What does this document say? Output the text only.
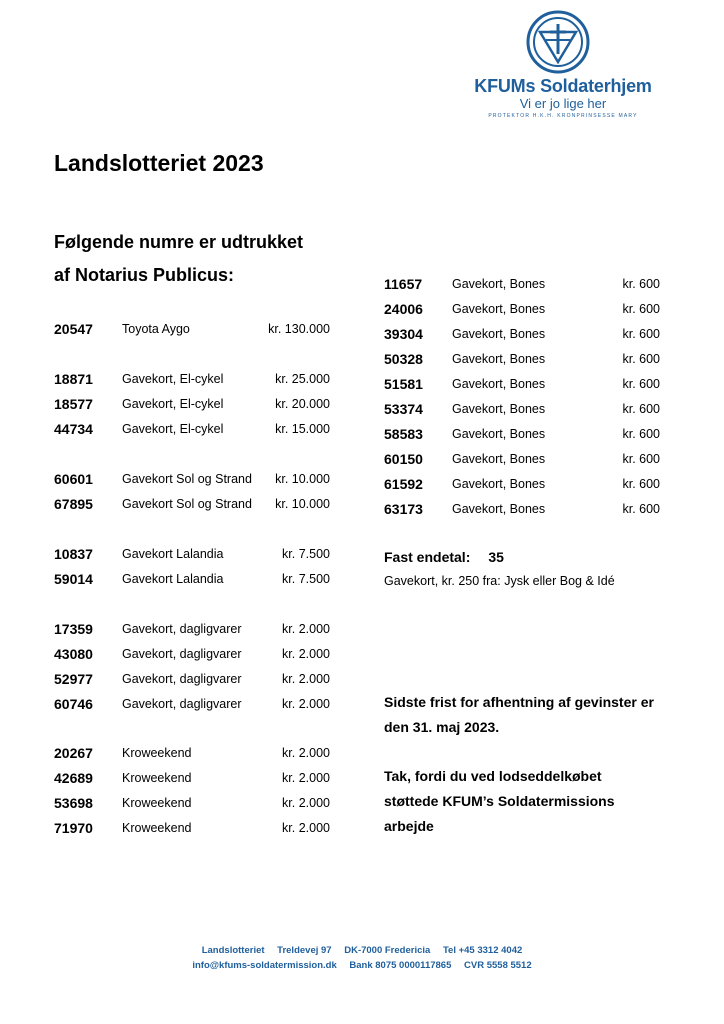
KFUMs Soldaterhjem
Vi er jo lige her
PROTEKTOR H.K.H. KRONPRINSESSE MARY
Landslotteriet 2023
Følgende numre er udtrukket
af Notarius Publicus:
20547 Toyota Aygo	kr. 130.000
18871 Gavekort, El-cykel	kr. 25.000
18577 Gavekort, El-cykel	kr. 20.000
44734 Gavekort, El-cykel	kr. 15.000
60601 Gavekort Sol og Strand kr. 10.000
67895 Gavekort Sol og Strand kr. 10.000
10837 Gavekort Lalandia	kr. 7.500
59014 Gavekort Lalandia	kr. 7.500
17359 Gavekort, dagligvarer	kr. 2.000
43080 Gavekort, dagligvarer	kr. 2.000
52977 Gavekort, dagligvarer	kr. 2.000
60746 Gavekort, dagligvarer	kr. 2.000
20267 Kroweekend	kr. 2.000
42689 Kroweekend	kr. 2.000
53698 Kroweekend	kr. 2.000
71970 Kroweekend	kr. 2.000
11657 Gavekort, Bones	kr. 600
24006 Gavekort, Bones	kr. 600
39304 Gavekort, Bones	kr. 600
50328 Gavekort, Bones	kr. 600
51581 Gavekort, Bones	kr. 600
53374 Gavekort, Bones	kr. 600
58583 Gavekort, Bones	kr. 600
60150 Gavekort, Bones	kr. 600
61592 Gavekort, Bones	kr. 600
63173 Gavekort, Bones	kr. 600
Fast endetal: 35
Gavekort, kr. 250 fra: Jysk eller Bog & Idé
Sidste frist for afhentning af gevinster er
den 31. maj 2023.
Tak, fordi du ved lodseddelkøbet
støttede KFUM’s Soldatermissions
arbejde
Landslotteriet Treldevej 97 DK-7000 Fredericia Tel +45 3312 4042
info@kfums-soldatermission.dk Bank 8075 0000117865 CVR 5558 5512
